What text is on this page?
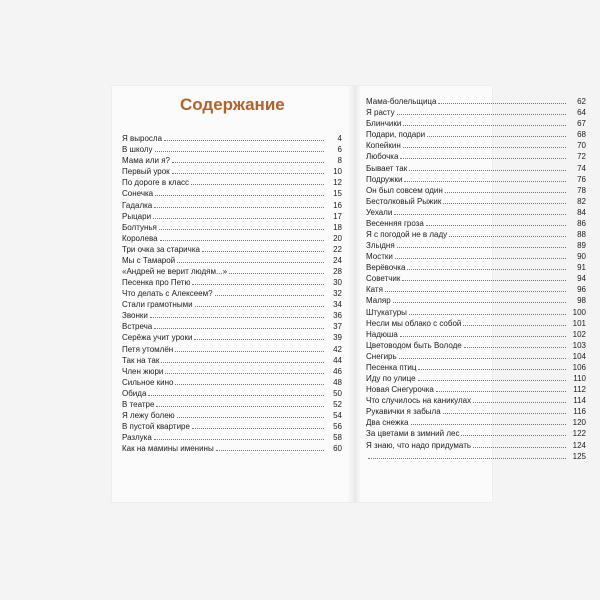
Содержание
Я выросла	4
В школу	6
Мама или я?	8
Первый урок	10
По дороге в класс	12
Сонечка	15
Гадалка	16
Рыцари	17
Болтунья	18
Королева	20
Три очка за старичка	22
Мы с Тамарой	24
«Андрей не верит людям...»	28
Песенка про Петю	30
Что делать с Алексеем?	32
Стали грамотными	34
Звонки	36
Встреча	37
Серёжа учит уроки	39
Петя утомлён	42
Так на так	44
Член жюри	46
Сильное кино	48
Обида	50
В театре	52
Я лежу болею	54
В пустой квартире	56
Разлука	58
Как на мамины именины	60
Мама-болельщица	62
Я расту	64
Блинчики	67
Подари, подари	68
Копейкин	70
Любочка	72
Бывает так	74
Подружки	76
Он был совсем один	78
Бестолковый Рыжик	82
Уехали	84
Весенняя гроза	86
Я с погодой не в ладу	88
Злыдня	89
Мостки	90
Верёвочка	91
Советчик	94
Катя	96
Маляр	98
Штукатуры	100
Несли мы облако с собой	101
Надюша	102
Цветоводом быть Володе	103
Снегирь	104
Песенка птиц	106
Иду по улице	110
Новая Снегурочка	112
Что случилось на каникулах	114
Рукавички я забыла	116
Два снежка	120
За цветами в зимний лес	122
Я знаю, что надо придумать	124
125
